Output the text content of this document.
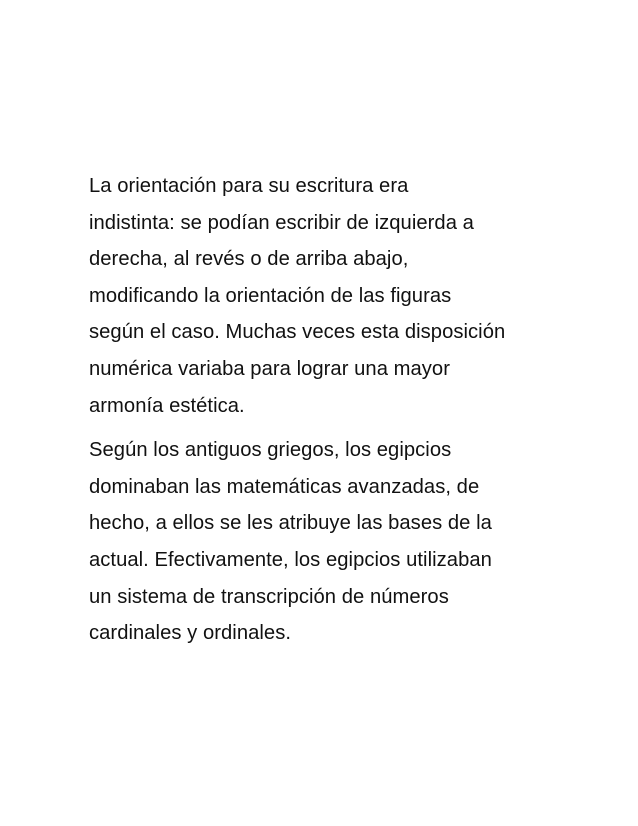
La orientación para su escritura era
indistinta: se podían escribir de izquierda a
derecha, al revés o de arriba abajo,
modificando la orientación de las figuras
según el caso. Muchas veces esta disposición
numérica variaba para lograr una mayor
armonía estética.

Según los antiguos griegos, los egipcios
dominaban las matemáticas avanzadas, de
hecho, a ellos se les atribuye las bases de la
actual. Efectivamente, los egipcios utilizaban
un sistema de transcripción de números
cardinales y ordinales.
